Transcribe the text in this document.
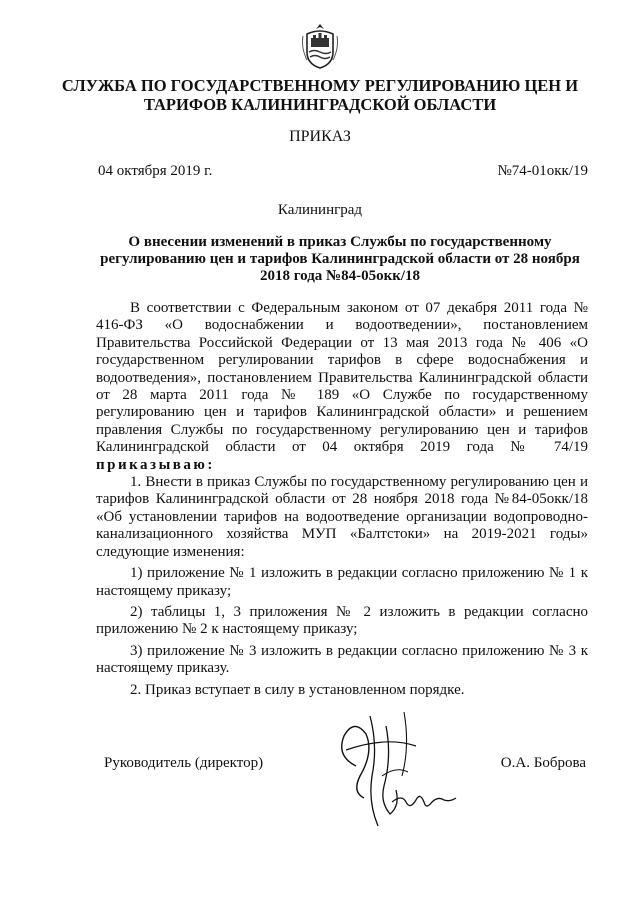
СЛУЖБА ПО ГОСУДАРСТВЕННОМУ РЕГУЛИРОВАНИЮ ЦЕН И ТАРИФОВ КАЛИНИНГРАДСКОЙ ОБЛАСТИ
ПРИКАЗ
04 октября 2019 г.	№74-01окк/19
Калининград
О внесении изменений в приказ Службы по государственному регулированию цен и тарифов Калининградской области от 28 ноября 2018 года №84-05окк/18

В соответствии с Федеральным законом от 07 декабря 2011 года № 416-ФЗ «О водоснабжении и водоотведении», постановлением Правительства Российской Федерации от 13 мая 2013 года № 406 «О государственном регулировании тарифов в сфере водоснабжения и водоотведения», постановлением Правительства Калининградской области от 28 марта 2011 года № 189 «О Службе по государственному регулированию цен и тарифов Калининградской области» и решением правления Службы по государственному регулированию цен и тарифов Калининградской области от 04 октября 2019 года № 74/19 приказываю:

1. Внести в приказ Службы по государственному регулированию цен и тарифов Калининградской области от 28 ноября 2018 года №84-05окк/18 «Об установлении тарифов на водоотведение организации водопроводно-канализационного хозяйства МУП «Балтстоки» на 2019-2021 годы» следующие изменения:

1) приложение № 1 изложить в редакции согласно приложению № 1 к настоящему приказу;

2) таблицы 1, 3 приложения № 2 изложить в редакции согласно приложению № 2 к настоящему приказу;

3) приложение № 3 изложить в редакции согласно приложению № 3 к настоящему приказу.

2. Приказ вступает в силу в установленном порядке.

Руководитель (директор)	О.А. Боброва
